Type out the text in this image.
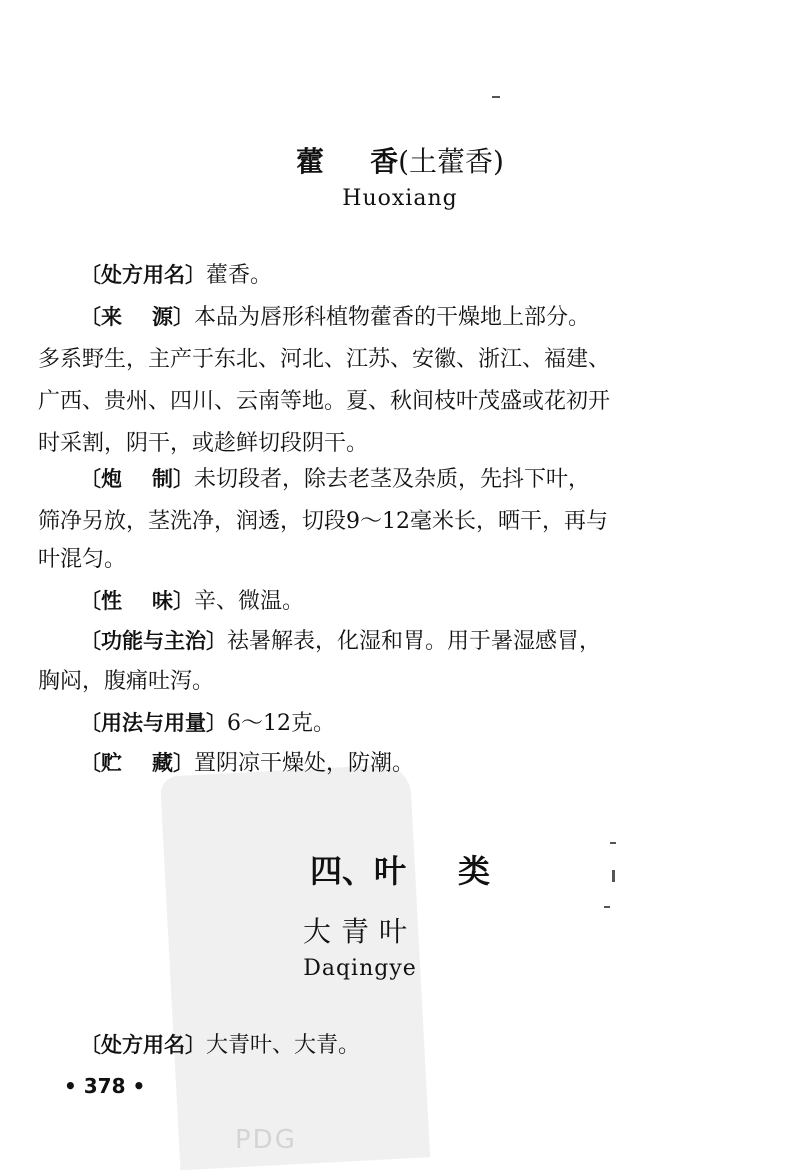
PDG
藿 香(土藿香)
Huoxiang
〔处方用名〕藿香。
〔来 源〕本品为唇形科植物藿香的干燥地上部分。
多系野生，主产于东北、河北、江苏、安徽、浙江、福建、
广西、贵州、四川、云南等地。夏、秋间枝叶茂盛或花初开
时采割，阴干，或趁鲜切段阴干。
〔炮 制〕未切段者，除去老茎及杂质，先抖下叶，
筛净另放，茎洗净，润透，切段9～12毫米长，晒干，再与
叶混匀。
〔性 味〕辛、微温。
〔功能与主治〕祛暑解表，化湿和胃。用于暑湿感冒，
胸闷，腹痛吐泻。
〔用法与用量〕6～12克。
〔贮 藏〕置阴凉干燥处，防潮。
四、叶 类
大青叶
Daqingye
〔处方用名〕大青叶、大青。
• 378 •
